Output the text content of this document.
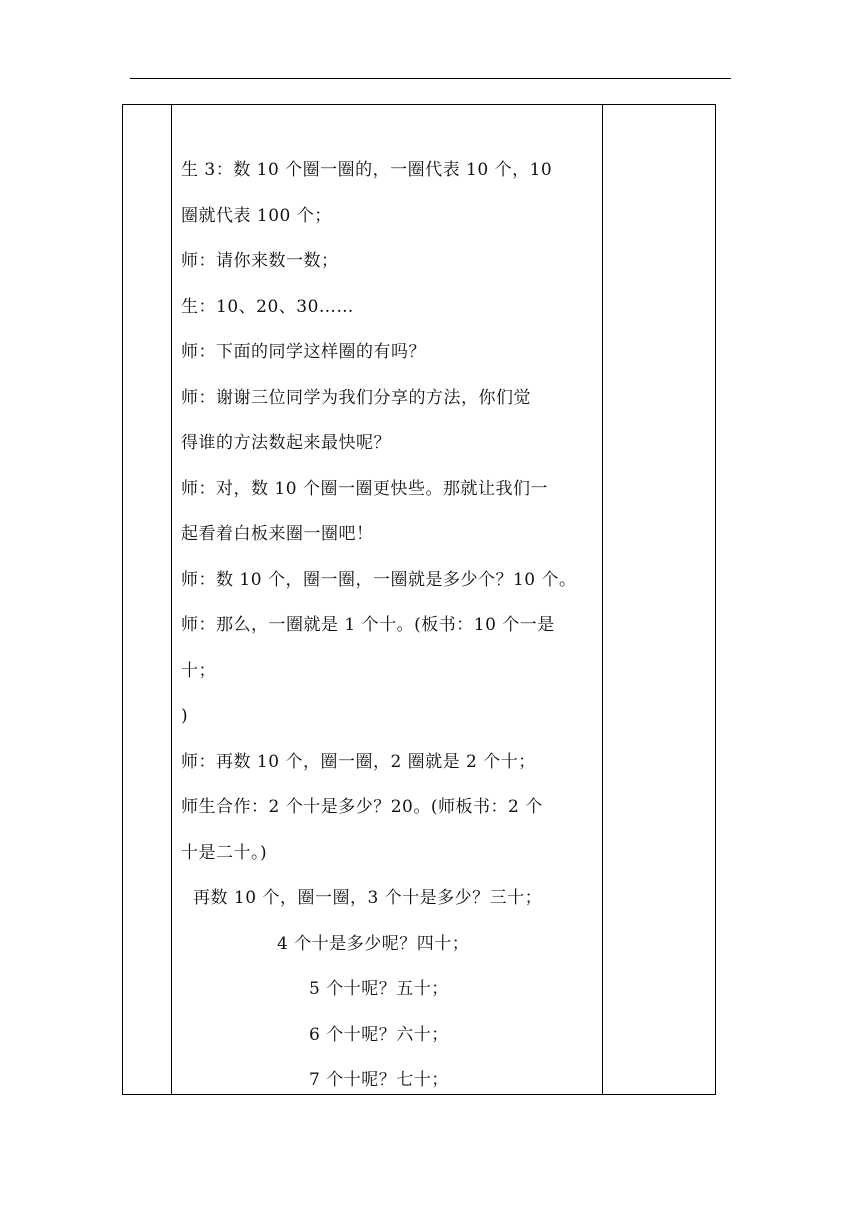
生 3：数 10 个圈一圈的，一圈代表 10 个，10
圈就代表 100 个；
师：请你来数一数；
生：10、20、30……
师：下面的同学这样圈的有吗？
师：谢谢三位同学为我们分享的方法，你们觉
得谁的方法数起来最快呢？
师：对，数 10 个圈一圈更快些。那就让我们一
起看着白板来圈一圈吧！
师：数 10 个，圈一圈，一圈就是多少个？10 个。
师：那么，一圈就是 1 个十。(板书：10 个一是
十；
)
师：再数 10 个，圈一圈，2 圈就是 2 个十；
师生合作：2 个十是多少？20。(师板书：2 个
十是二十。)
再数 10 个，圈一圈，3 个十是多少？三十；
4 个十是多少呢？四十；
5 个十呢？五十；
6 个十呢？六十；
7 个十呢？七十；
